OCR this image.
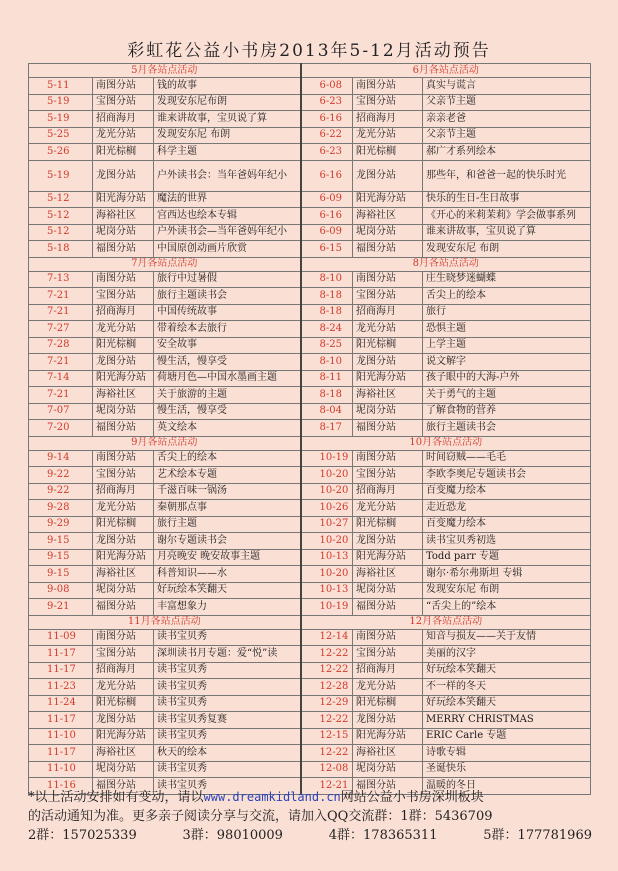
彩虹花公益小书房2013年5-12月活动预告
5月各站点活动			6月各站点活动		
5-11	南图分站	钱的故事	6-08	南图分站	真实与谎言
5-19	宝图分站	发现安东尼布朗	6-23	宝图分站	父亲节主题
5-19	招商海月	谁来讲故事，宝贝说了算	6-16	招商海月	亲亲老爸
5-25	龙光分站	发现安东尼 布朗	6-22	龙光分站	父亲节主题
5-26	阳光棕榈	科学主题	6-23	阳光棕榈	郝广才系列绘本
5-19	龙图分站	户外读书会：当年爸妈年纪小	6-16	龙图分站	那些年，和爸爸一起的快乐时光
5-12	阳光海分站	魔法的世界	6-09	阳光海分站	快乐的生日-生日故事
5-12	海裕社区	宫西达也绘本专辑	6-16	海裕社区	《开心的米莉茉莉》学会做事系列
5-12	坭岗分站	户外读书会—当年爸妈年纪小	6-09	坭岗分站	谁来讲故事，宝贝说了算
5-18	福图分站	中国原创动画片欣赏	6-15	福图分站	发现安东尼 布朗
7月各站点活动			8月各站点活动		
7-13	南图分站	旅行中过暑假	8-10	南图分站	庄生晓梦迷蝴蝶
7-21	宝图分站	旅行主题读书会	8-18	宝图分站	舌尖上的绘本
7-21	招商海月	中国传统故事	8-18	招商海月	旅行
7-27	龙光分站	带着绘本去旅行	8-24	龙光分站	恐惧主题
7-28	阳光棕榈	安全故事	8-25	阳光棕榈	上学主题
7-21	龙图分站	慢生活，慢享受	8-10	龙图分站	说文解字
7-14	阳光海分站	荷塘月色—中国水墨画主题	8-11	阳光海分站	孩子眼中的大海-户外
7-21	海裕社区	关于旅游的主题	8-18	海裕社区	关于勇气的主题
7-07	坭岗分站	慢生活，慢享受	8-04	坭岗分站	了解食物的营养
7-20	福图分站	英文绘本	8-17	福图分站	旅行主题读书会
9月各站点活动			10月各站点活动		
9-14	南图分站	舌尖上的绘本	10-19	南图分站	时间窃贼——毛毛
9-22	宝图分站	艺术绘本专题	10-20	宝图分站	李欧李奥尼专题读书会
9-22	招商海月	千滋百味一锅汤	10-20	招商海月	百变魔力绘本
9-28	龙光分站	秦朝那点事	10-26	龙光分站	走近恐龙
9-29	阳光棕榈	旅行主题	10-27	阳光棕榈	百变魔力绘本
9-15	龙图分站	谢尔专题读书会	10-20	龙图分站	读书宝贝秀初选
9-15	阳光海分站	月亮晚安 晚安故事主题	10-13	阳光海分站	Todd parr 专题
9-15	海裕社区	科普知识——水	10-20	海裕社区	谢尔·希尔弗斯坦 专辑
9-08	坭岗分站	好玩绘本笑翻天	10-13	坭岗分站	发现安东尼 布朗
9-21	福图分站	丰富想象力	10-19	福图分站	“舌尖上的”绘本
11月各站点活动			12月各站点活动		
11-09	南图分站	读书宝贝秀	12-14	南图分站	知音与损友——关于友情
11-17	宝图分站	深圳读书月专题：爱“悦”读	12-22	宝图分站	美丽的汉字
11-17	招商海月	读书宝贝秀	12-22	招商海月	好玩绘本笑翻天
11-23	龙光分站	读书宝贝秀	12-28	龙光分站	不一样的冬天
11-24	阳光棕榈	读书宝贝秀	12-29	阳光棕榈	好玩绘本笑翻天
11-17	龙图分站	读书宝贝秀复赛	12-22	龙图分站	MERRY CHRISTMAS
11-10	阳光海分站	读书宝贝秀	12-15	阳光海分站	ERIC Carle 专题
11-17	海裕社区	秋天的绘本	12-22	海裕社区	诗歌专辑
11-10	坭岗分站	读书宝贝秀	12-08	坭岗分站	圣诞快乐
11-16	福图分站	读书宝贝秀	12-21	福图分站	温暖的冬日
*以上活动安排如有变动，请以www.dreamkidland.cn网站公益小书房深圳板块
的活动通知为准。更多亲子阅读分享与交流，请加入QQ交流群：1群：5436709
2群：157025339	3群：98010009	4群：178365311	5群：177781969
